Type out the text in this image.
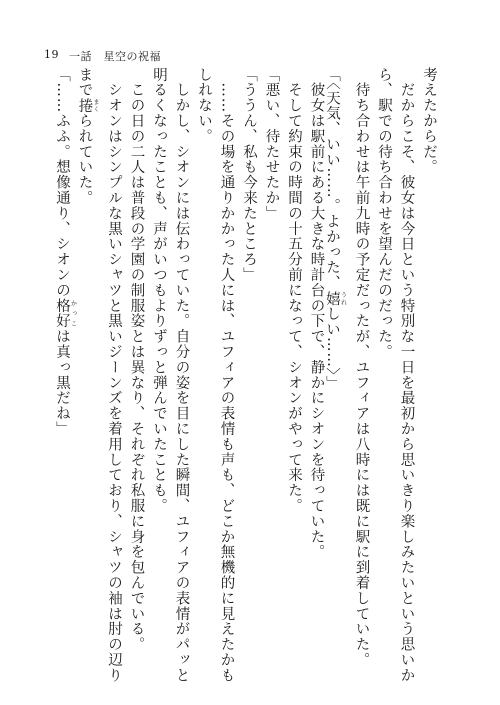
19 一話　星空の祝福
考えたからだ。
　だからこそ、彼女は今日という特別な一日を最初から思いきり楽しみたいという思いか
ら、駅での待ち合わせを望んだのだった。
　待ち合わせは午前九時の予定だったが、ユフィアは八時には既に駅に到着していた。
「〈天気、いい……。よかった、嬉 うれしい……〉」
　彼女は駅前にある大きな時計台の下で、静かにシオンを待っていた。
　そして約束の時間の十五分前になって、シオンがやって来た。
「悪い、待たせたか」
「ううん、私も今来たところ」
　……その場を通りかかった人には、ユフィアの表情も声も、どこか無機的に見えたかも
しれない。
　しかし、シオンには伝わっていた。自分の姿を目にした瞬間、ユフィアの表情がパッと
明るくなったことも、声がいつもよりずっと弾んでいたことも。
　この日の二人は普段の学園の制服姿とは異なり、それぞれ私服に身を包んでいる。
　シオンはシンプルな黒いシャツと黒いジーンズを着用しており、シャツの袖は肘の辺り
まで捲 まくられていた。
「……ふふ。想像通り、シオンの格好 かっこは真っ黒だね」
